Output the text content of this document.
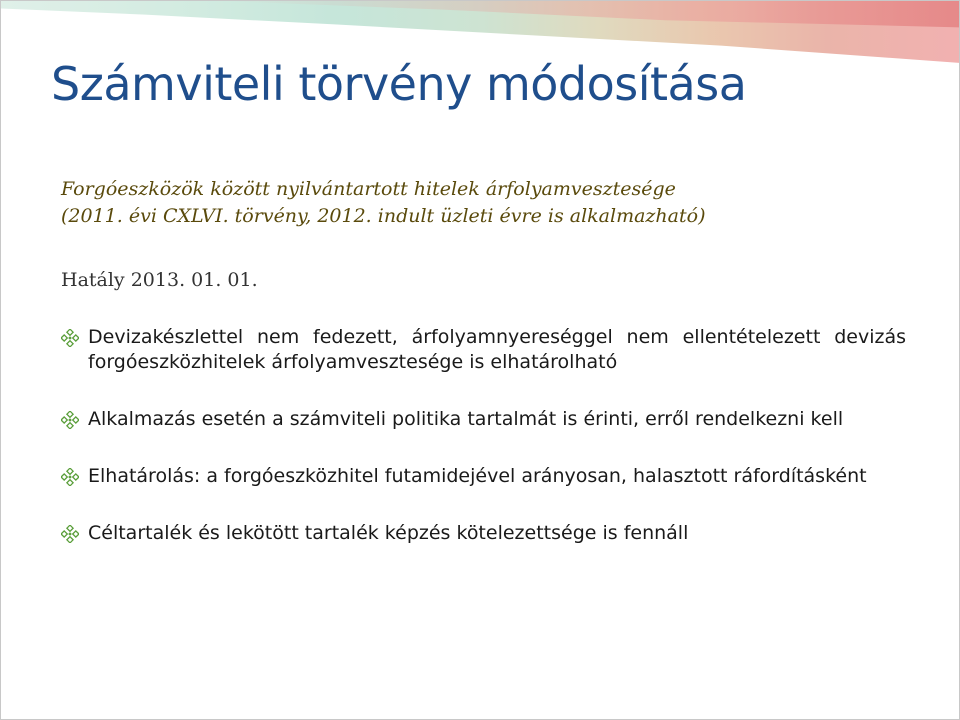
Számviteli törvény módosítása

Forgóeszközök között nyilvántartott hitelek árfolyamvesztesége
(2011. évi CXLVI. törvény, 2012. indult üzleti évre is alkalmazható)

Hatály 2013. 01. 01.

Devizakészlettel nem fedezett, árfolyamnyereséggel nem ellentételezett devizás forgóeszközhitelek árfolyamvesztesége is elhatárolható
Alkalmazás esetén a számviteli politika tartalmát is érinti, erről rendelkezni kell
Elhatárolás: a forgóeszközhitel futamidejével arányosan, halasztott ráfordításként
Céltartalék és lekötött tartalék képzés kötelezettsége is fennáll
